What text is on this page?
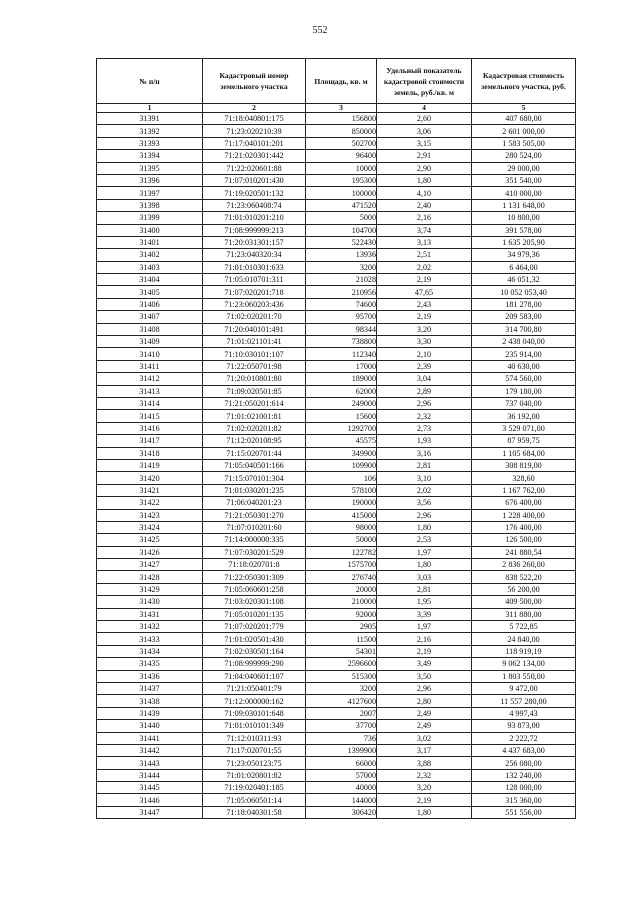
552
№ п/п	Кадастровый номер земельного участка	Площадь, кв. м	Удельный показатель кадастровой стоимости земель, руб./кв. м	Кадастровая стоимость земельного участка, руб.
1	2	3	4	5
31391	71:18:040801:175	156800	2,60	407 680,00
31392	71:23:020210:39	850000	3,06	2 601 000,00
31393	71:17:040101:201	502700	3,15	1 583 505,00
31394	71:21:020301:442	96400	2,91	280 524,00
31395	71:22:020601:88	10000	2,90	29 000,00
31396	71:07:010201:430	195300	1,80	351 540,00
31397	71:19:020501:132	100000	4,10	410 000,00
31398	71:23:060408:74	471520	2,40	1 131 648,00
31399	71:01:010201:210	5000	2,16	10 800,00
31400	71:08:999999:213	104700	3,74	391 578,00
31401	71:20:031301:157	522430	3,13	1 635 205,90
31402	71:23:040320:34	13936	2,51	34 979,36
31403	71:01:010301:633	3200	2,02	6 464,00
31404	71:05:010701:311	21028	2,19	46 051,32
31405	71:07:020201:718	210956	47,65	10 052 053,40
31406	71:23:060203:436	74600	2,43	181 278,00
31407	71:02:020201:70	95700	2,19	209 583,00
31408	71:20:040101:491	98344	3,20	314 700,80
31409	71:01:021101:41	738800	3,30	2 438 040,00
31410	71:10:030101:107	112340	2,10	235 914,00
31411	71:22:050701:98	17000	2,39	40 630,00
31412	71:20:010801:80	189000	3,04	574 560,00
31413	71:09:020501:85	62000	2,89	179 180,00
31414	71:21:050201:614	249000	2,96	737 040,00
31415	71:01:021001:81	15600	2,32	36 192,00
31416	71:02:020201:82	1292700	2,73	3 529 071,00
31417	71:12:020108:95	45575	1,93	87 959,75
31418	71:15:020701:44	349900	3,16	1 105 684,00
31419	71:05:040501:166	109900	2,81	308 819,00
31420	71:15:070101:304	106	3,10	328,60
31421	71:01:030201:235	578100	2,02	1 167 762,00
31422	71:06:040201:23	190000	3,56	676 400,00
31423	71:21:050301:270	415000	2,96	1 228 400,00
31424	71:07:010201:60	98000	1,80	176 400,00
31425	71:14:000000:335	50000	2,53	126 500,00
31426	71:07:030201:529	122782	1,97	241 880,54
31427	71:18:020701:8	1575700	1,80	2 836 260,00
31428	71:22:050301:309	276740	3,03	838 522,20
31429	71:05:060601:258	20000	2,81	56 200,00
31430	71:03:020301:108	210000	1,95	409 500,00
31431	71:05:010201:135	92000	3,39	311 880,00
31432	71:07:020201:779	2905	1,97	5 722,85
31433	71:01:020501:430	11500	2,16	24 840,00
31434	71:02:030501:164	54301	2,19	118 919,19
31435	71:08:999999:290	2596600	3,49	9 062 134,00
31436	71:04:040601:107	515300	3,50	1 803 550,00
31437	71:21:050401:79	3200	2,96	9 472,00
31438	71:12:000000:162	4127600	2,80	11 557 280,00
31439	71:09:030101:648	2007	2,49	4 997,43
31440	71:01:010101:349	37700	2,49	93 873,00
31441	71:12:010311:93	736	3,02	2 222,72
31442	71:17:020701:55	1399900	3,17	4 437 683,00
31443	71:23:050123:75	66000	3,88	256 080,00
31444	71:01:020801:82	57000	2,32	132 240,00
31445	71:19:020401:185	40000	3,20	128 000,00
31446	71:05:060501:14	144000	2,19	315 360,00
31447	71:18:040301:58	306420	1,80	551 556,00
